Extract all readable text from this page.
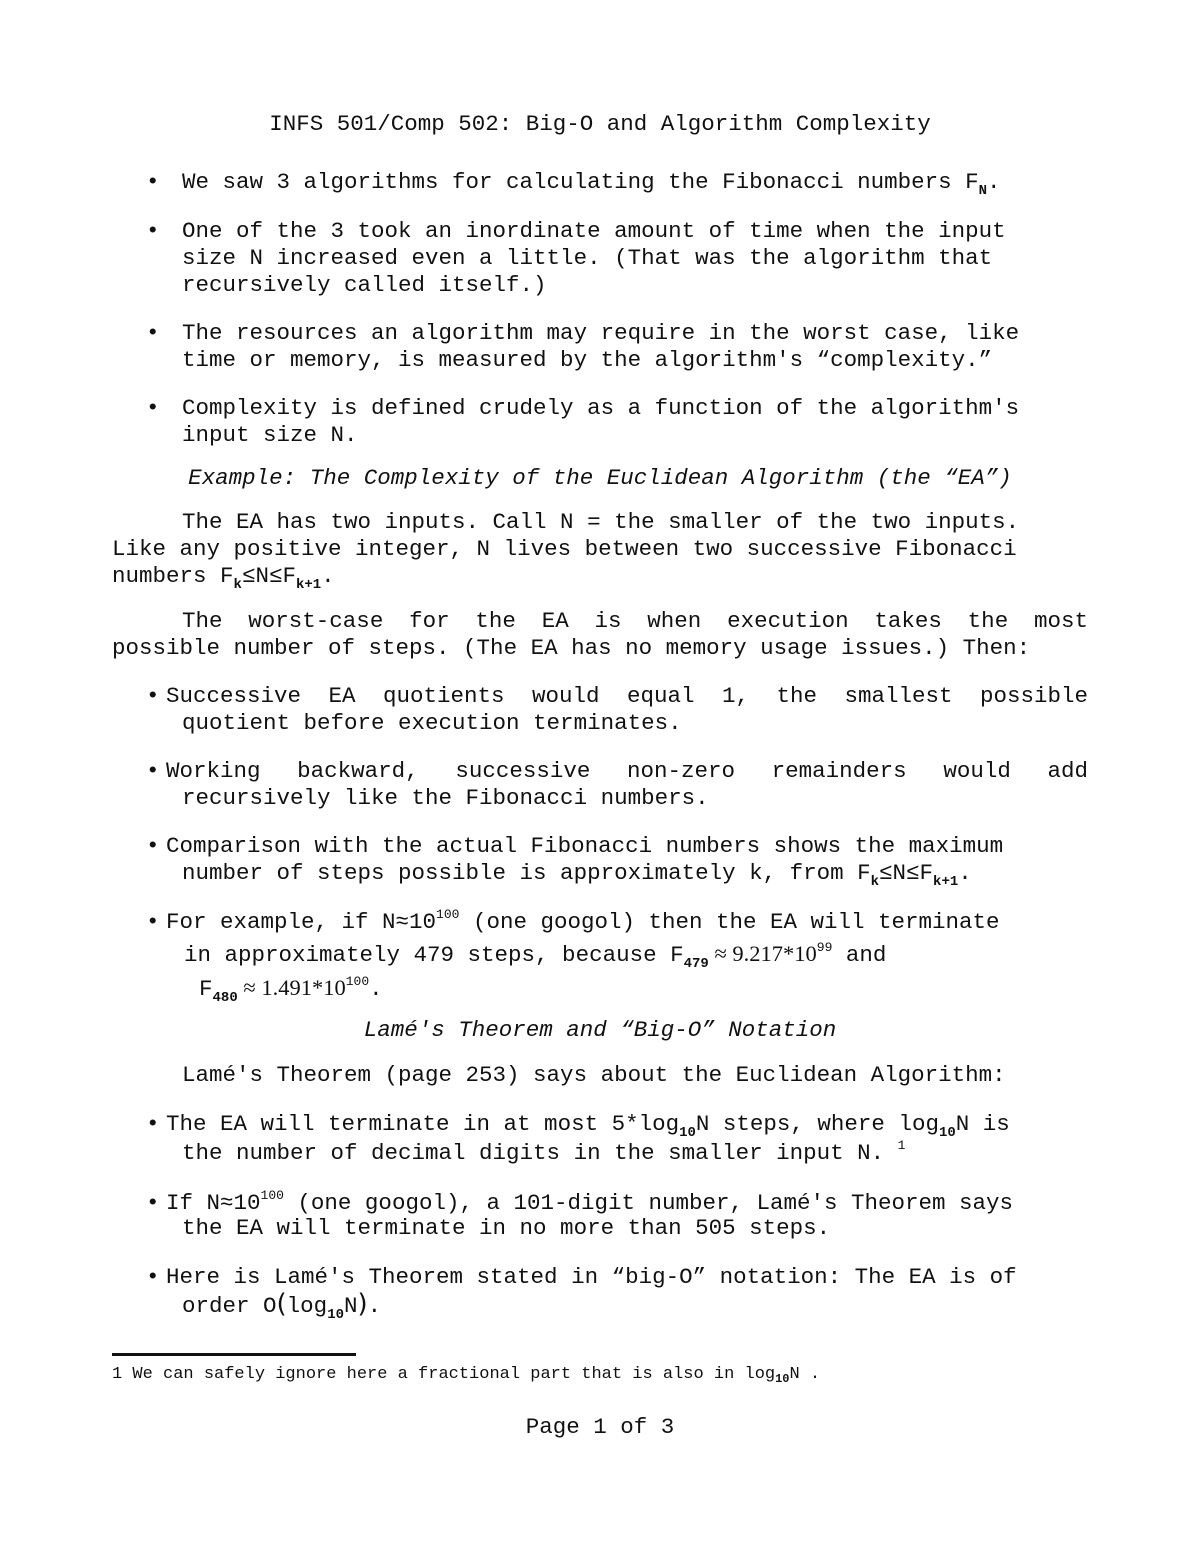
INFS 501/Comp 502: Big-O and Algorithm Complexity
• We saw 3 algorithms for calculating the Fibonacci numbers $F_N$.
• One of the 3 took an inordinate amount of time when the input
size N increased even a little. (That was the algorithm that
recursively called itself.)
• The resources an algorithm may require in the worst case, like
time or memory, is measured by the algorithm's “complexity.”
• Complexity is defined crudely as a function of the algorithm's
input size N.
Example: The Complexity of the Euclidean Algorithm (the “EA”)
The EA has two inputs. Call N = the smaller of the two inputs.
Like any positive integer, N lives between two successive Fibonacci
numbers $F_k\le N\le F_{k+1}$.
The worst-case for the EA is when execution takes the most
possible number of steps. (The EA has no memory usage issues.) Then:
• Successive EA quotients would equal 1, the smallest possible
quotient before execution terminates.
• Working backward, successive non-zero remainders would add
recursively like the Fibonacci numbers.
• Comparison with the actual Fibonacci numbers shows the maximum
number of steps possible is approximately k, from $F_k\le N\le F_{k+1}$.
• For example, if $N\approx 10^{100}$ (one googol) then the EA will terminate
in approximately 479 steps, because $F_{479} \approx 9.217*10^{99}$ and
$F_{480} \approx 1.491*10^{100}$.
Lamé's Theorem and “Big-O” Notation
Lamé's Theorem (page 253) says about the Euclidean Algorithm:
• The EA will terminate in at most $5*\log_{10}N$ steps, where $\log_{10}N$ is
the number of decimal digits in the smaller input N. $^1$
• If $N\approx 10^{100}$ (one googol), a 101-digit number, Lamé's Theorem says
the EA will terminate in no more than 505 steps.
• Here is Lamé's Theorem stated in “big-O” notation: The EA is of
order $O(\log_{10}N)$.
1 We can safely ignore here a fractional part that is also in $\log_{10}N$ .
Page 1 of 3
